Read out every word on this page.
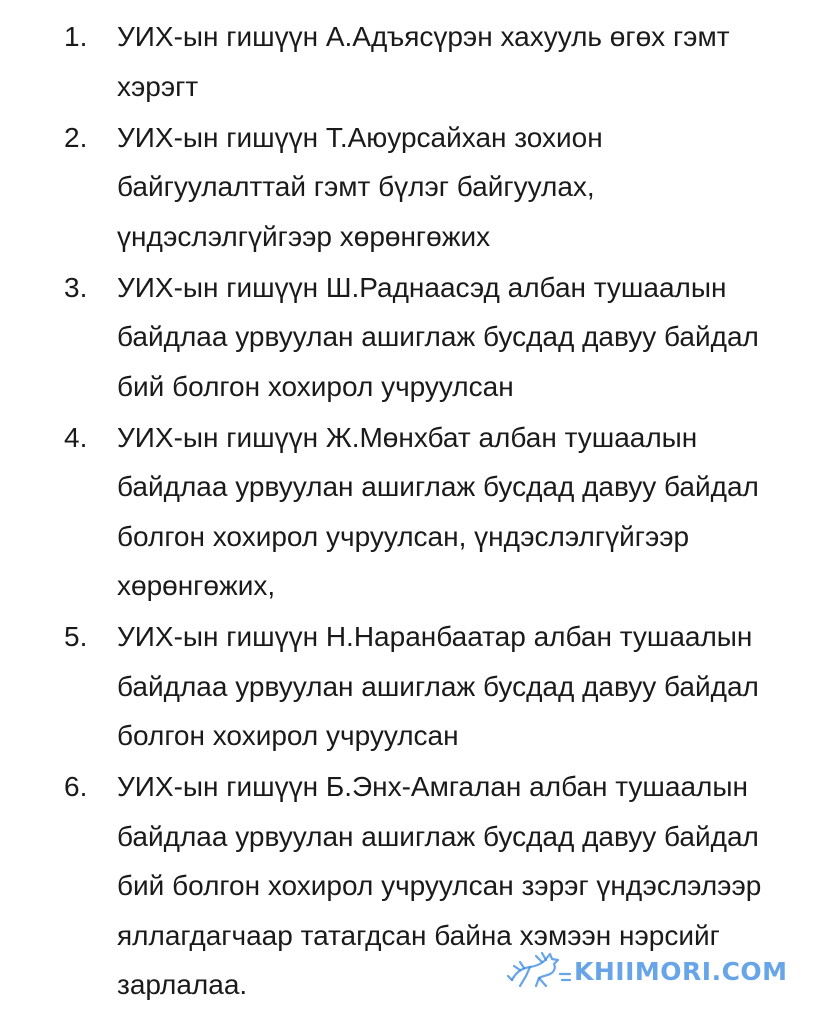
1. УИХ-ын гишүүн А.Адъясүрэн хахууль өгөх гэмт
хэрэгт
2. УИХ-ын гишүүн Т.Аюурсайхан зохион
байгуулалттай гэмт бүлэг байгуулах,
үндэслэлгүйгээр хөрөнгөжих
3. УИХ-ын гишүүн Ш.Раднаасэд албан тушаалын
байдлаа урвуулан ашиглаж бусдад давуу байдал
бий болгон хохирол учруулсан
4. УИХ-ын гишүүн Ж.Мөнхбат албан тушаалын
байдлаа урвуулан ашиглаж бусдад давуу байдал
болгон хохирол учруулсан, үндэслэлгүйгээр
хөрөнгөжих,
5. УИХ-ын гишүүн Н.Наранбаатар албан тушаалын
байдлаа урвуулан ашиглаж бусдад давуу байдал
болгон хохирол учруулсан
6. УИХ-ын гишүүн Б.Энх-Амгалан албан тушаалын
байдлаа урвуулан ашиглаж бусдад давуу байдал
бий болгон хохирол учруулсан зэрэг үндэслэлээр
яллагдагчаар татагдсан байна хэмээн нэрсийг
зарлалаа.	KHIIMORI.COM
